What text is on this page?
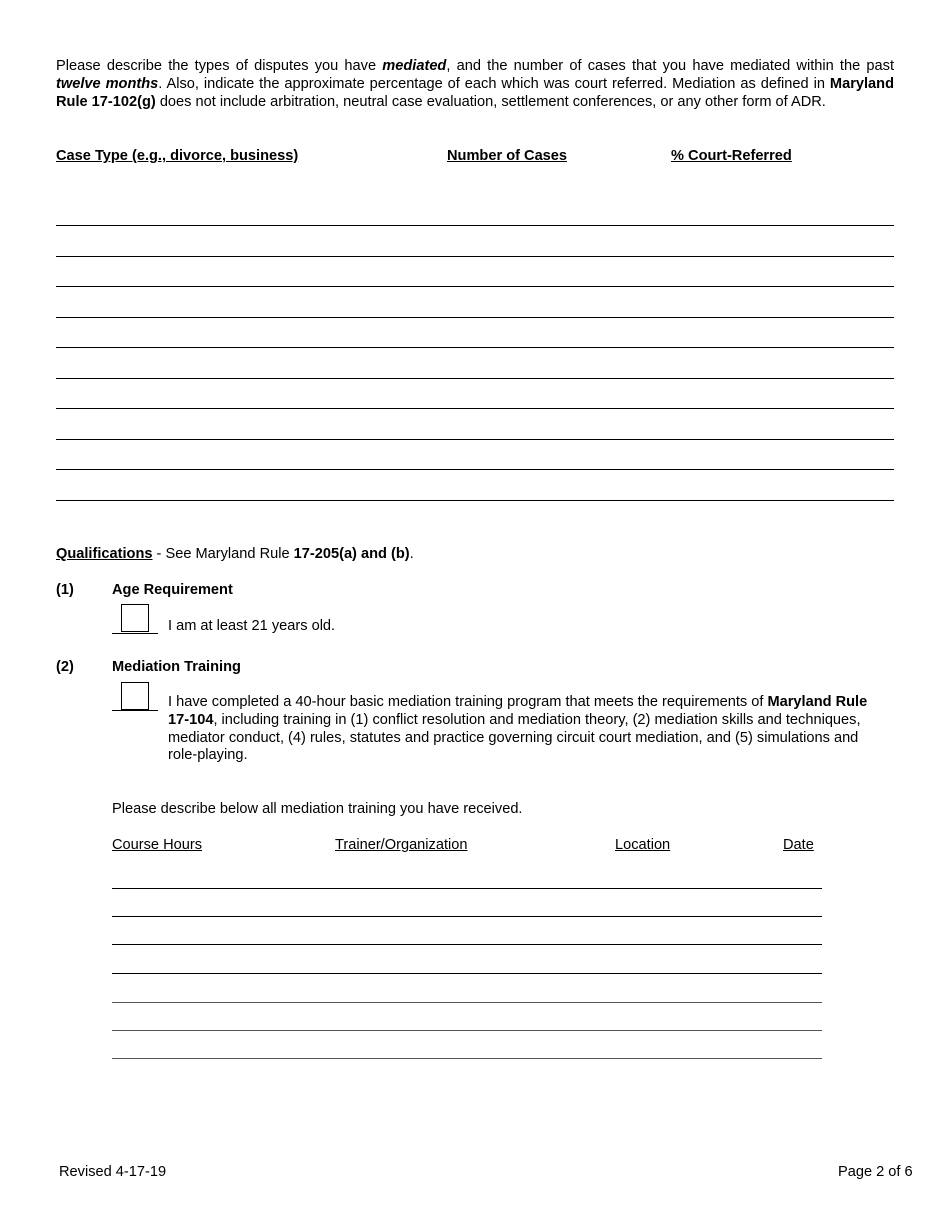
Please describe the types of disputes you have mediated, and the number of cases that you have mediated within the past twelve months. Also, indicate the approximate percentage of each which was court referred. Mediation as defined in Maryland Rule 17-102(g) does not include arbitration, neutral case evaluation, settlement conferences, or any other form of ADR.
Case Type (e.g., divorce, business)	Number of Cases	% Court-Referred
Qualifications - See Maryland Rule 17-205(a) and (b).
(1)	Age Requirement
I am at least 21 years old.
(2)	Mediation Training
I have completed a 40-hour basic mediation training program that meets the requirements of Maryland Rule 17-104, including training in (1) conflict resolution and mediation theory, (2) mediation skills and techniques, mediator conduct, (4) rules, statutes and practice governing circuit court mediation, and (5) simulations and role-playing.
Please describe below all mediation training you have received.
Course Hours	Trainer/Organization	Location	Date
Revised 4-17-19	Page 2 of 6
